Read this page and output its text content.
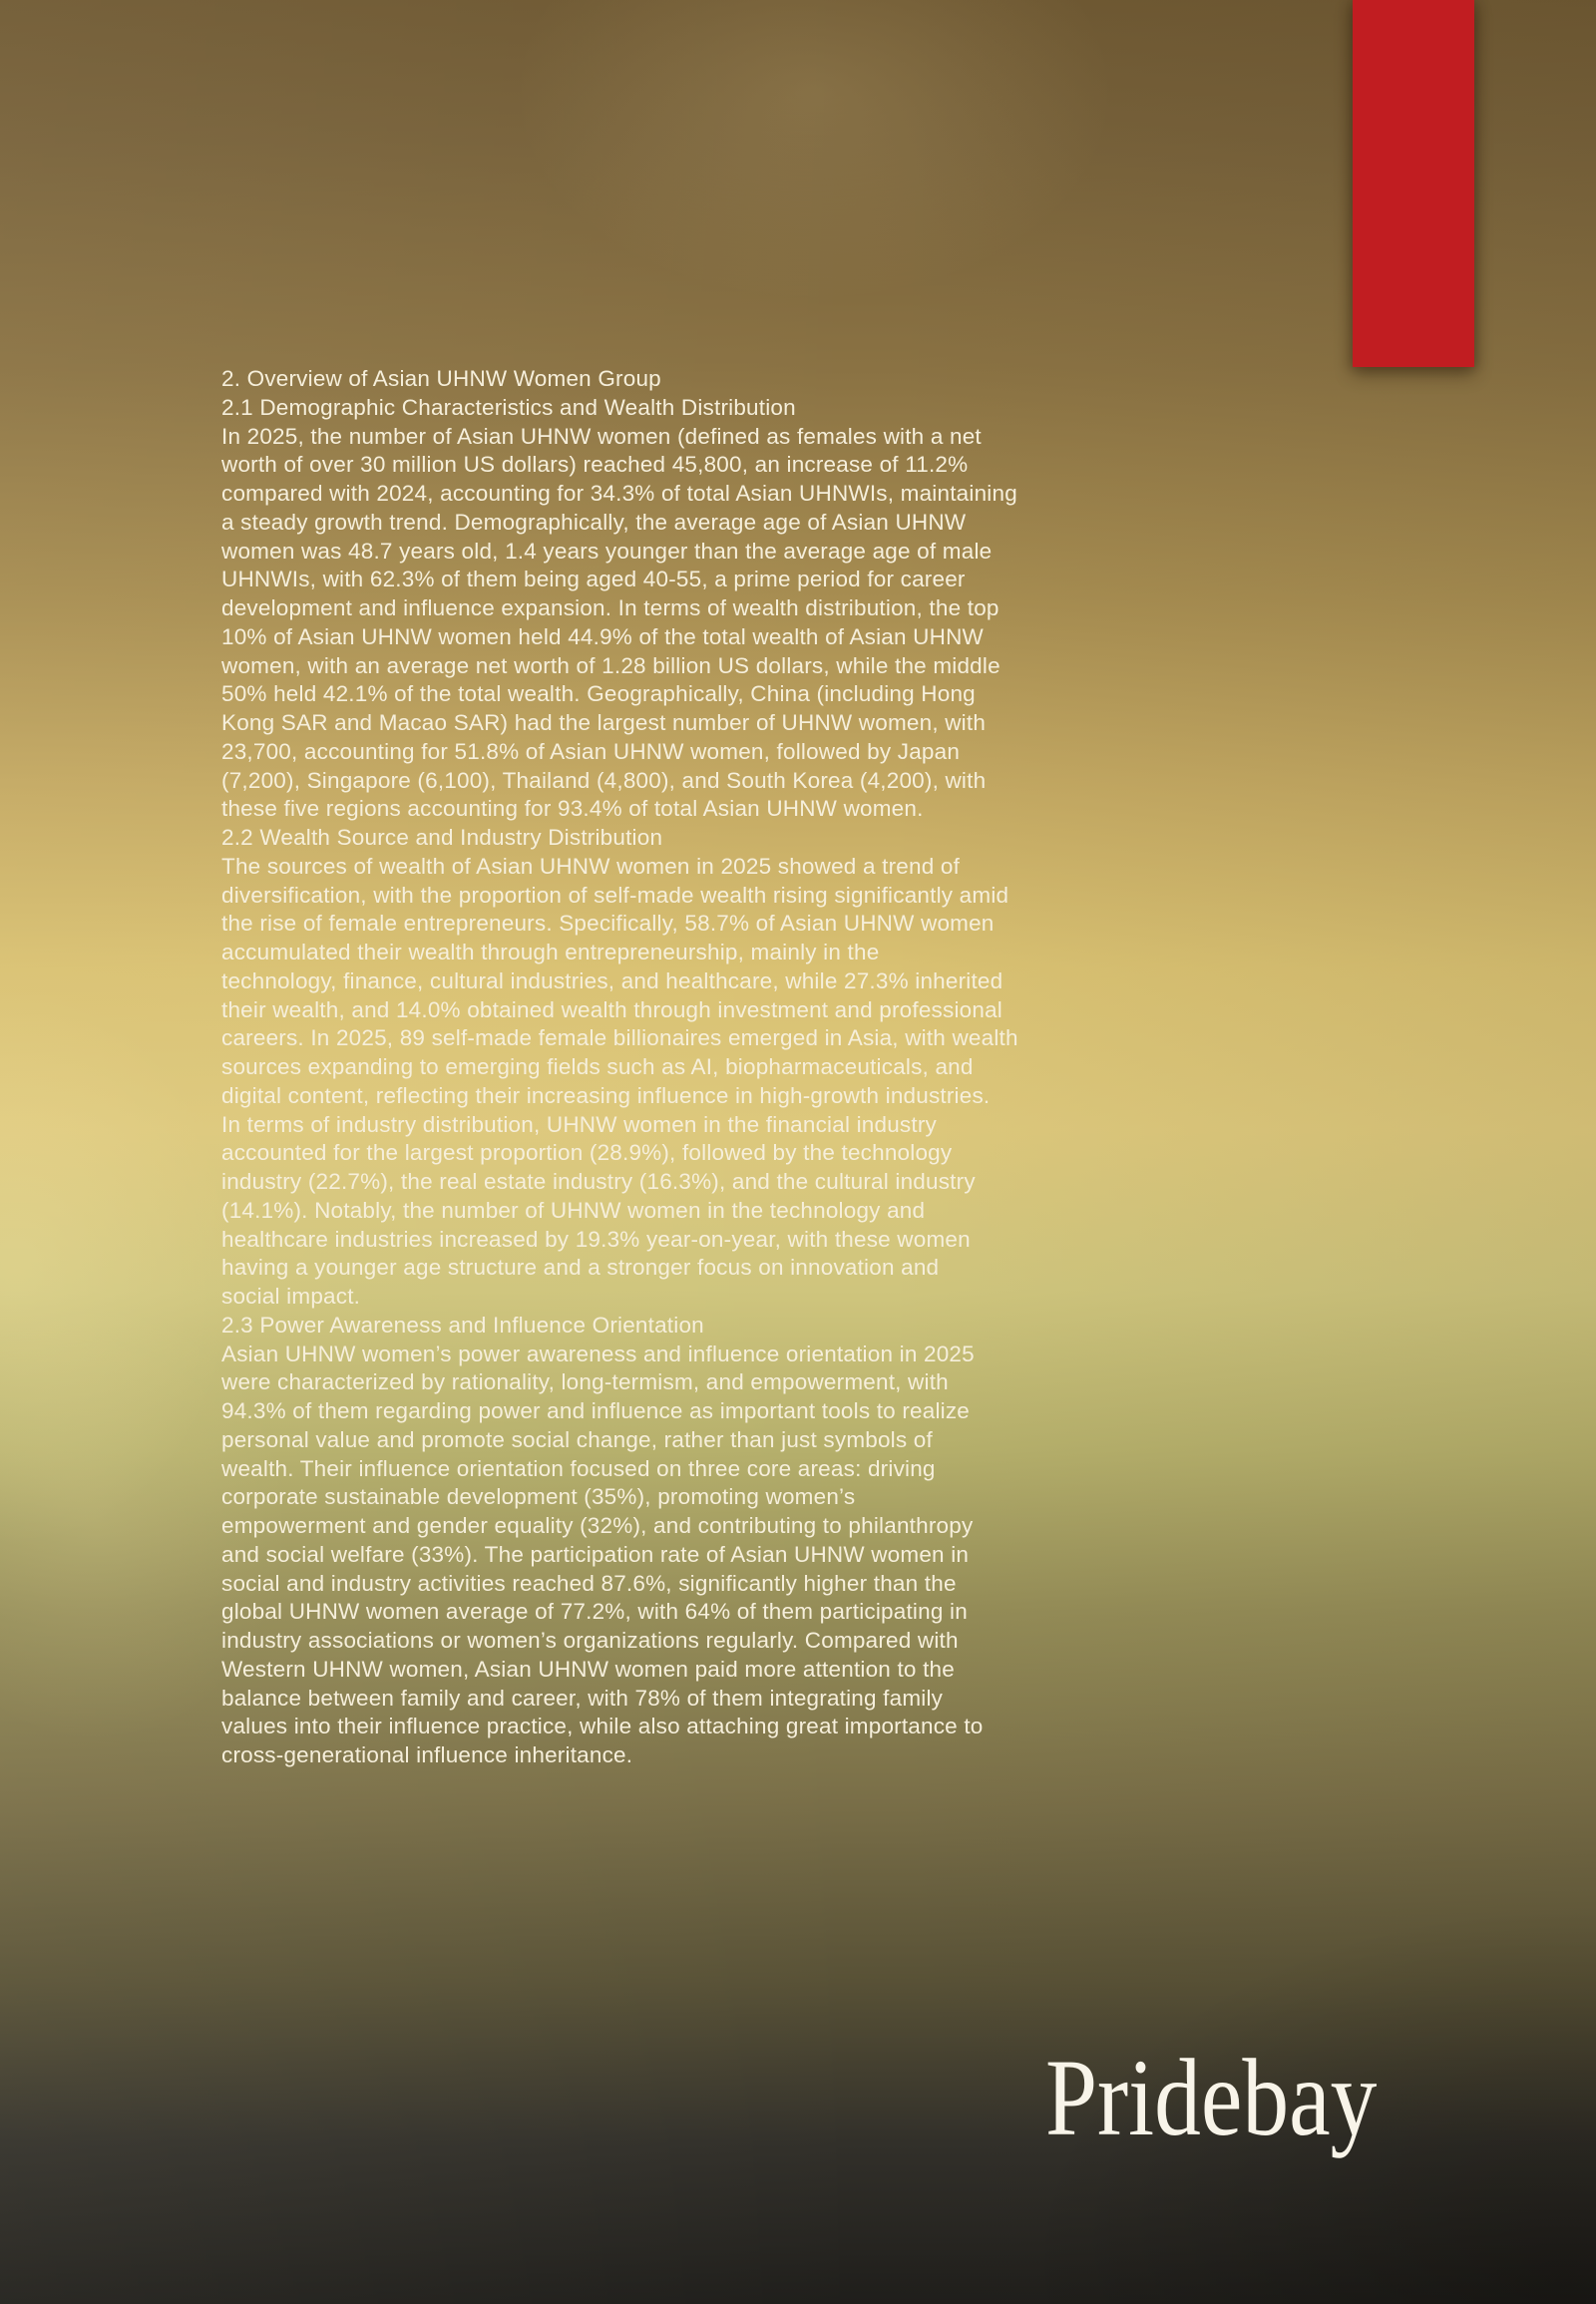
2. Overview of Asian UHNW Women Group
2.1 Demographic Characteristics and Wealth Distribution
In 2025, the number of Asian UHNW women (defined as females with a net
worth of over 30 million US dollars) reached 45,800, an increase of 11.2%
compared with 2024, accounting for 34.3% of total Asian UHNWIs, maintaining
a steady growth trend. Demographically, the average age of Asian UHNW
women was 48.7 years old, 1.4 years younger than the average age of male
UHNWIs, with 62.3% of them being aged 40-55, a prime period for career
development and influence expansion. In terms of wealth distribution, the top
10% of Asian UHNW women held 44.9% of the total wealth of Asian UHNW
women, with an average net worth of 1.28 billion US dollars, while the middle
50% held 42.1% of the total wealth. Geographically, China (including Hong
Kong SAR and Macao SAR) had the largest number of UHNW women, with
23,700, accounting for 51.8% of Asian UHNW women, followed by Japan
(7,200), Singapore (6,100), Thailand (4,800), and South Korea (4,200), with
these five regions accounting for 93.4% of total Asian UHNW women.
2.2 Wealth Source and Industry Distribution
The sources of wealth of Asian UHNW women in 2025 showed a trend of
diversification, with the proportion of self-made wealth rising significantly amid
the rise of female entrepreneurs. Specifically, 58.7% of Asian UHNW women
accumulated their wealth through entrepreneurship, mainly in the
technology, finance, cultural industries, and healthcare, while 27.3% inherited
their wealth, and 14.0% obtained wealth through investment and professional
careers. In 2025, 89 self-made female billionaires emerged in Asia, with wealth
sources expanding to emerging fields such as AI, biopharmaceuticals, and
digital content, reflecting their increasing influence in high-growth industries.
In terms of industry distribution, UHNW women in the financial industry
accounted for the largest proportion (28.9%), followed by the technology
industry (22.7%), the real estate industry (16.3%), and the cultural industry
(14.1%). Notably, the number of UHNW women in the technology and
healthcare industries increased by 19.3% year-on-year, with these women
having a younger age structure and a stronger focus on innovation and
social impact.
2.3 Power Awareness and Influence Orientation
Asian UHNW women’s power awareness and influence orientation in 2025
were characterized by rationality, long-termism, and empowerment, with
94.3% of them regarding power and influence as important tools to realize
personal value and promote social change, rather than just symbols of
wealth. Their influence orientation focused on three core areas: driving
corporate sustainable development (35%), promoting women’s
empowerment and gender equality (32%), and contributing to philanthropy
and social welfare (33%). The participation rate of Asian UHNW women in
social and industry activities reached 87.6%, significantly higher than the
global UHNW women average of 77.2%, with 64% of them participating in
industry associations or women’s organizations regularly. Compared with
Western UHNW women, Asian UHNW women paid more attention to the
balance between family and career, with 78% of them integrating family
values into their influence practice, while also attaching great importance to
cross-generational influence inheritance.
Pridebay
